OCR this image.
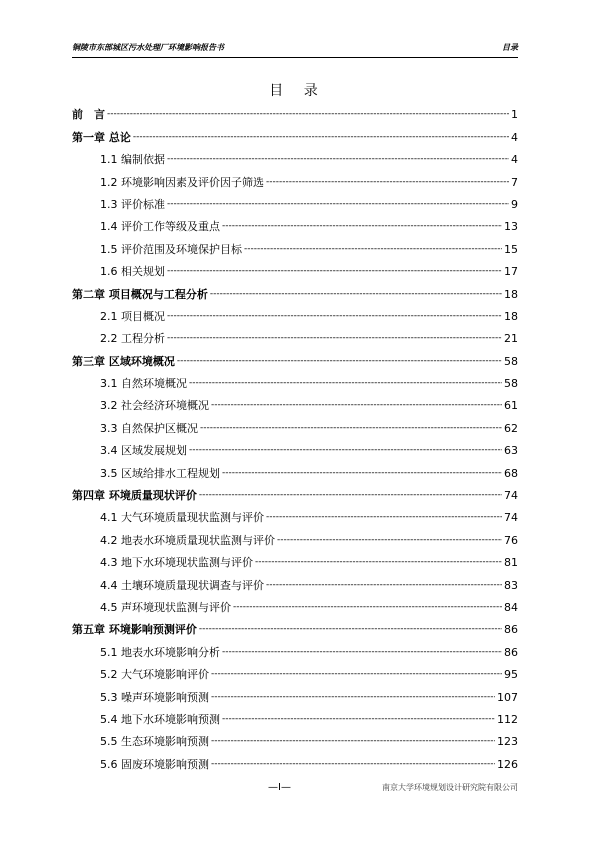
铜陵市东部城区污水处理厂环境影响报告书	目录
目 录
前　言 -----	1
第一章 总论 -----	4
1.1 编制依据 -----	4
1.2 环境影响因素及评价因子筛选 -----	7
1.3 评价标准 -----	9
1.4 评价工作等级及重点 -----	13
1.5 评价范围及环境保护目标 -----	15
1.6 相关规划 -----	17
第二章 项目概况与工程分析 -----	18
2.1 项目概况 -----	18
2.2 工程分析 -----	21
第三章 区域环境概况 -----	58
3.1 自然环境概况 -----	58
3.2 社会经济环境概况 -----	61
3.3 自然保护区概况 -----	62
3.4 区域发展规划 -----	63
3.5 区域给排水工程规划 -----	68
第四章 环境质量现状评价 -----	74
4.1 大气环境质量现状监测与评价 -----	74
4.2 地表水环境质量现状监测与评价 -----	76
4.3 地下水环境现状监测与评价 -----	81
4.4 土壤环境质量现状调查与评价 -----	83
4.5 声环境现状监测与评价 -----	84
第五章 环境影响预测评价 -----	86
5.1 地表水环境影响分析 -----	86
5.2 大气环境影响评价 -----	95
5.3 噪声环境影响预测 -----	107
5.4 地下水环境影响预测 -----	112
5.5 生态环境影响预测 -----	123
5.6 固废环境影响预测 -----	126
—I—	南京大学环境规划设计研究院有限公司
